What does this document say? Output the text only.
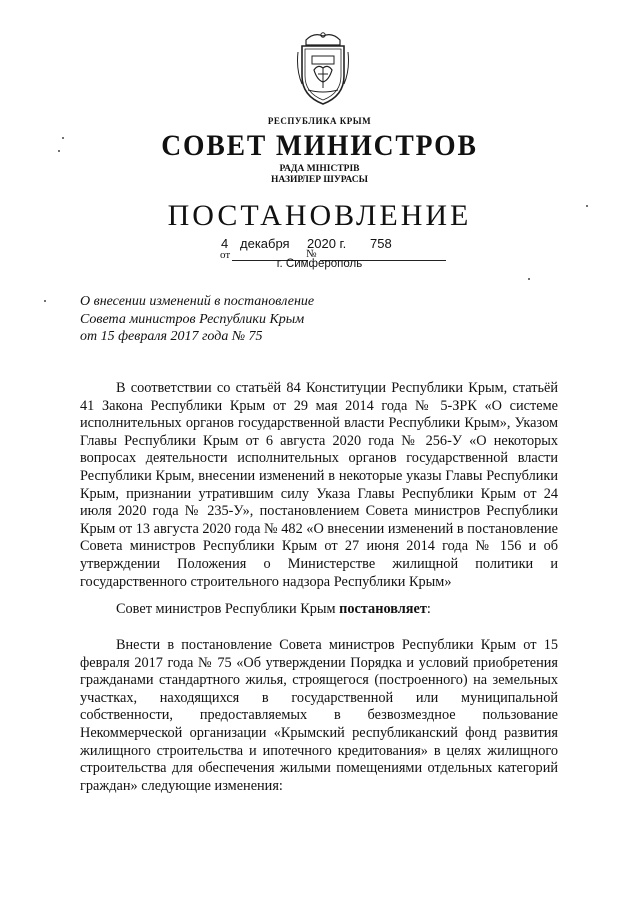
РЕСПУБЛИКА КРЫМ
СОВЕТ МИНИСТРОВ
РАДА МІНІСТРІВ
НАЗИРЛЕР ШУРАСЫ
ПОСТАНОВЛЕНИЕ
4 декабря 2020 г. 758
от	№
г. Симферополь
О внесении изменений в постановление
Совета министров Республики Крым
от 15 февраля 2017 года № 75
В соответствии со статьёй 84 Конституции Республики Крым, статьёй 41 Закона Республики Крым от 29 мая 2014 года № 5-ЗРК «О системе исполнительных органов государственной власти Республики Крым», Указом Главы Республики Крым от 6 августа 2020 года № 256-У «О некоторых вопросах деятельности исполнительных органов государственной власти Республики Крым, внесении изменений в некоторые указы Главы Республики Крым, признании утратившим силу Указа Главы Республики Крым от 24 июля 2020 года № 235-У», постановлением Совета министров Республики Крым от 13 августа 2020 года № 482 «О внесении изменений в постановление Совета министров Республики Крым от 27 июня 2014 года № 156 и об утверждении Положения о Министерстве жилищной политики и государственного строительного надзора Республики Крым»
Совет министров Республики Крым постановляет:
Внести в постановление Совета министров Республики Крым от 15 февраля 2017 года № 75 «Об утверждении Порядка и условий приобретения гражданами стандартного жилья, строящегося (построенного) на земельных участках, находящихся в государственной или муниципальной собственности, предоставляемых в безвозмездное пользование Некоммерческой организации «Крымский республиканский фонд развития жилищного строительства и ипотечного кредитования» в целях жилищного строительства для обеспечения жилыми помещениями отдельных категорий граждан» следующие изменения:
